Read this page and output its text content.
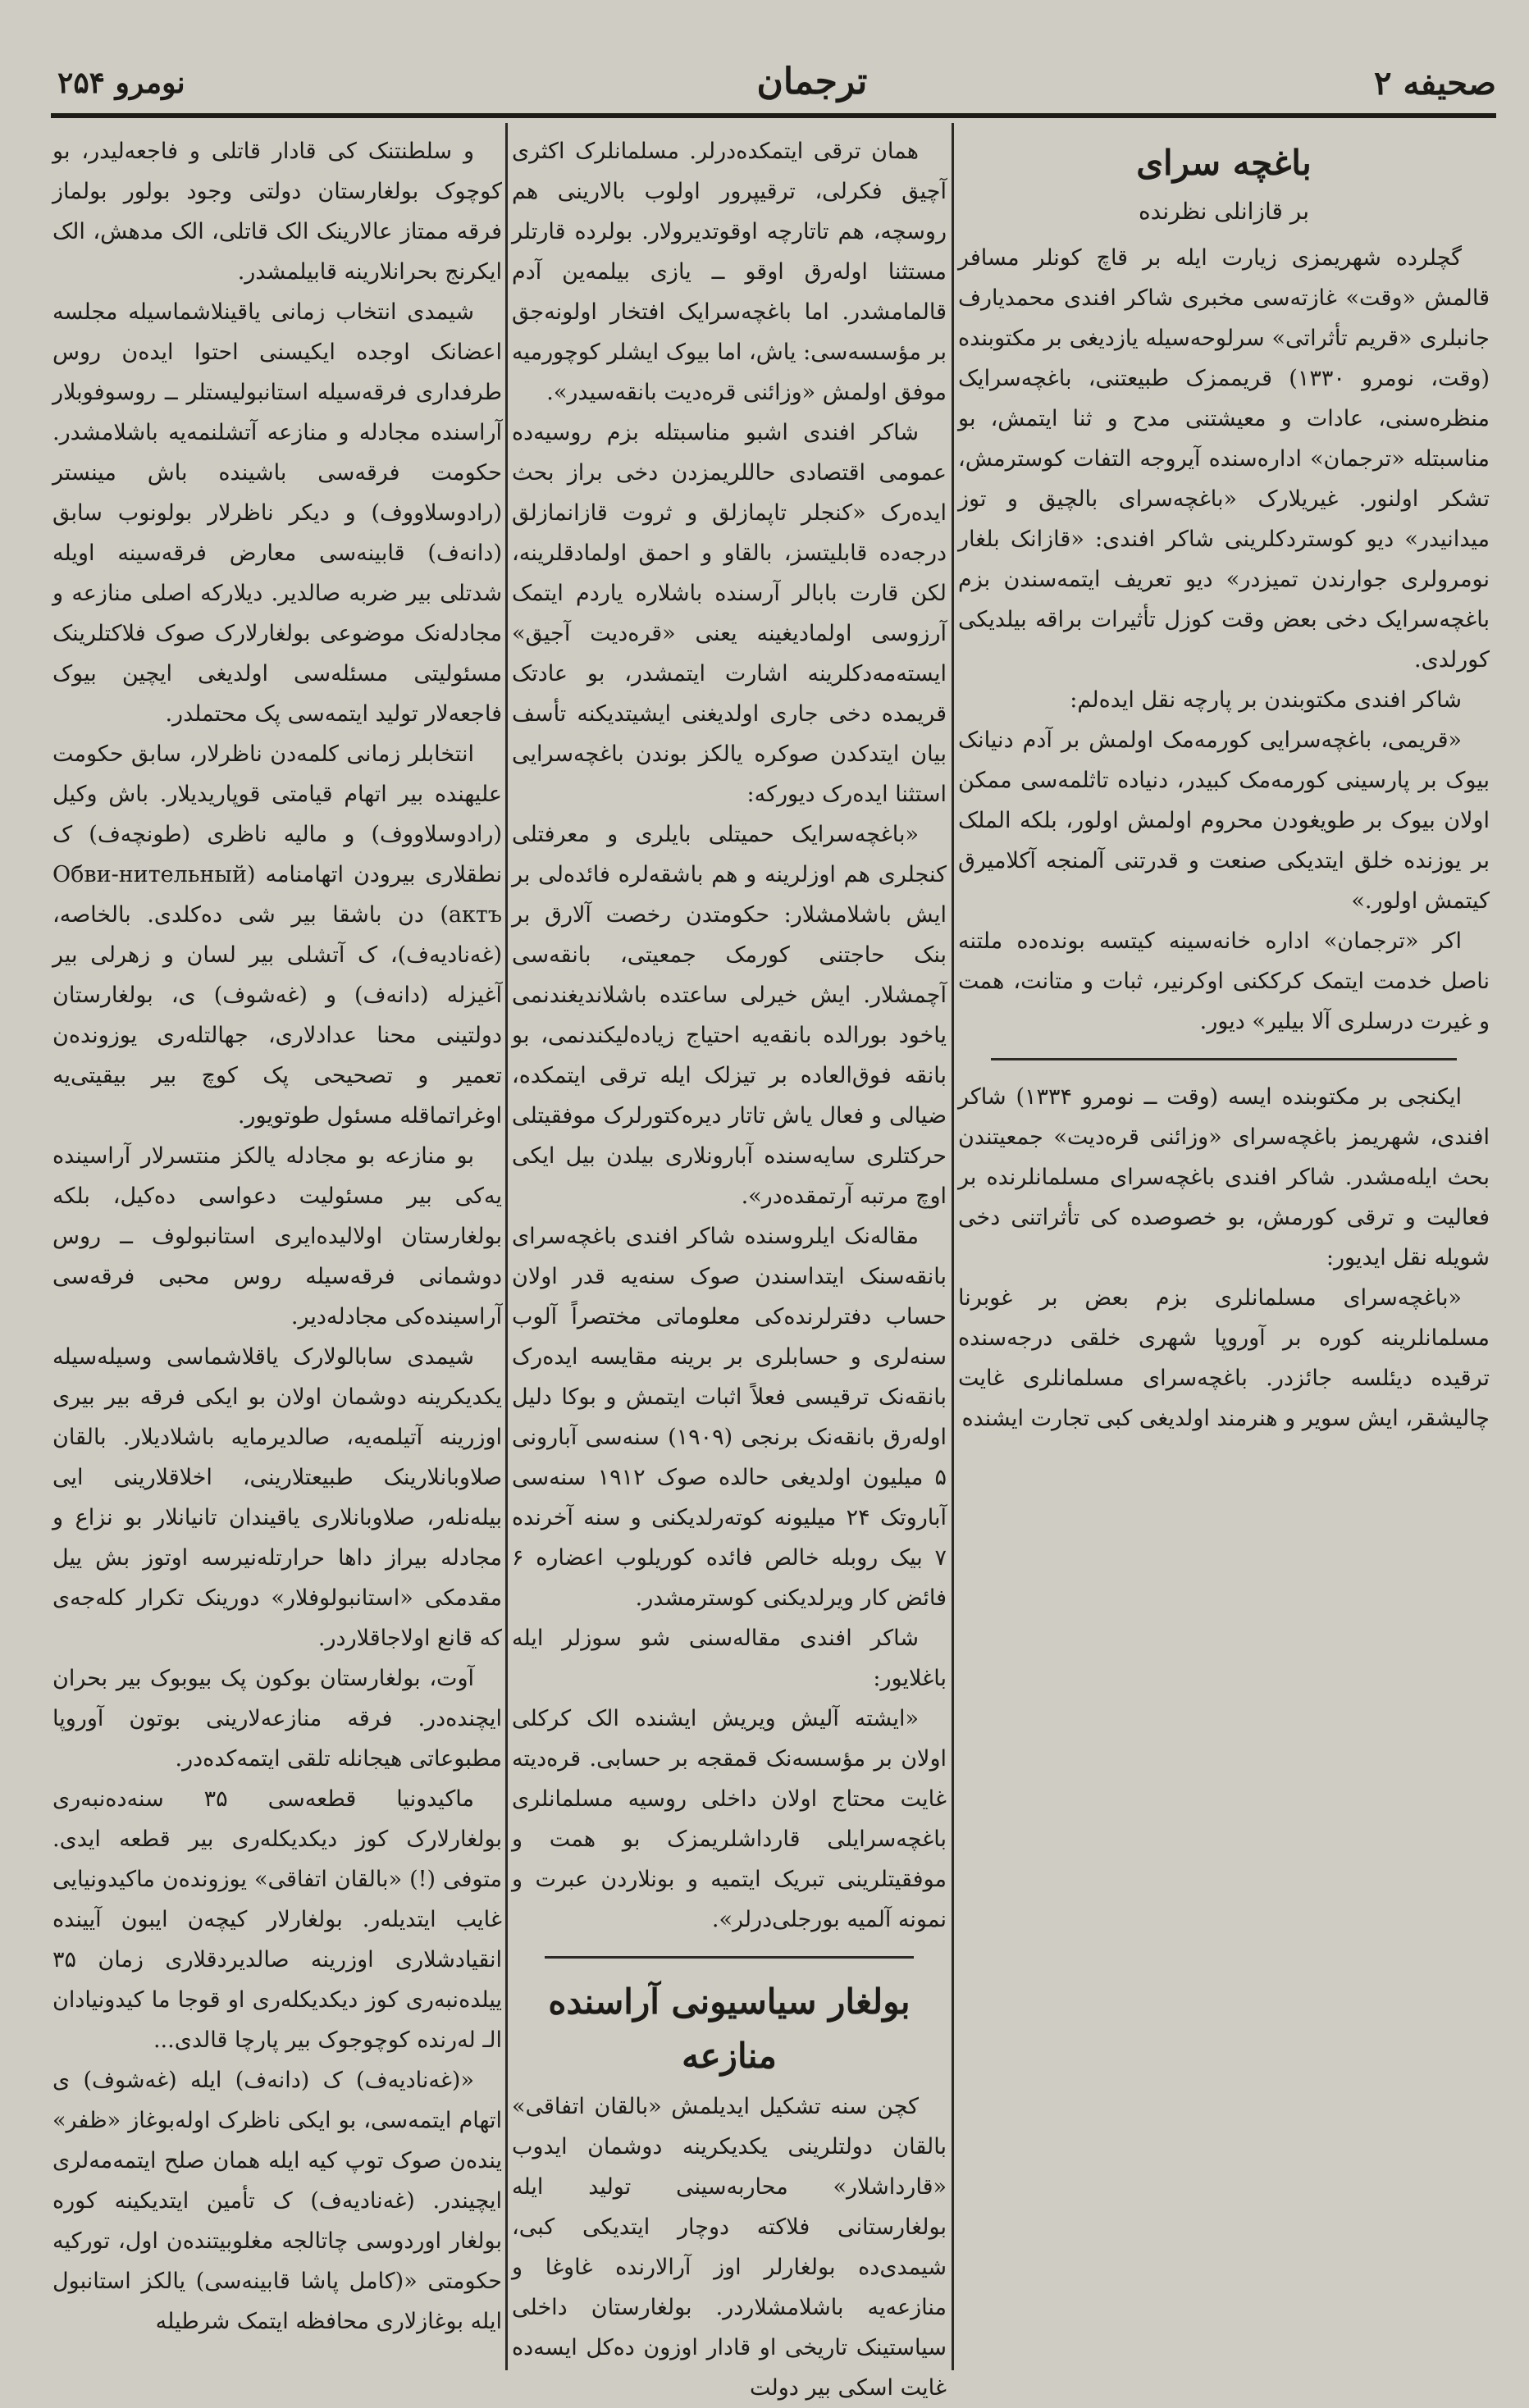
صحیفه ۲
ترجمان
نومرو ۲۵۴
باغچه سرای
بر قازانلی نظرنده

گچلرده شهریمزی زیارت ایله بر قاچ کونلر مسافر قالمش «وقت» غازته‌سی مخبری شاکر افندی محمدیارف جانبلری «قریم تأثراتی» سرلوحه‌سیله یازدیغی بر مکتوبنده (وقت، نومرو ۱۳۳۰) قریممزک طبیعتنی، باغچه‌سرایک منظره‌سنی، عادات و معیشتنی مدح و ثنا ایتمش، بو مناسبتله «ترجمان» اداره‌سنده آیروجه التفات کوسترمش، تشکر اولنور. غیریلارک «باغچه‌سرای بالچیق و توز میدانیدر» دیو کوستردکلرینی شاکر افندی: «قازانک بلغار نومرولری جوارندن تمیزدر» دیو تعریف ایتمه‌سندن بزم باغچه‌سرایک دخی بعض وقت کوزل تأثیرات براقه بیلدیکی کورلدی.

شاکر افندی مکتوبندن بر پارچه نقل ایدەلم:

«قریمی، باغچه‌سرایی کورمه‌مک اولمش بر آدم دنیانک بیوک بر پارسینی کورمه‌مک کبیدر، دنیاده تاثلمه‌سی ممکن اولان بیوک بر طویغودن محروم اولمش اولور، بلکه الملک بر یوزنده خلق ایتدیکی صنعت و قدرتنی آلمنجه آکلامیرق کیتمش اولور.»

اکر «ترجمان» اداره خانه‌سینه کیتسه بوندەده ملتنه ناصل خدمت ایتمک کرککنی اوکرنیر، ثبات و متانت، همت و غیرت درسلری آلا بیلیر» دیور.

ایکنجی بر مکتوبنده ایسه (وقت ــ نومرو ۱۳۳۴) شاکر افندی، شهریمز باغچه‌سرای «وزائنی قره‌دیت» جمعیتندن بحث ایله‌مشدر. شاکر افندی باغچه‌سرای مسلمانلرنده بر فعالیت و ترقی کورمش، بو خصوصده کی تأثراتنی دخی شویله نقل ایدیور:

«باغچه‌سرای مسلمانلری بزم بعض بر غوبرنا مسلمانلرینه کوره بر آوروپا شهری خلقی درجه‌سنده ترقیده دیئلسه جائزدر. باغچه‌سرای مسلمانلری غایت چالیشقر، ایش سویر و هنرمند اولدیغی کبی تجارت ایشنده

همان ترقی ایتمکده‌درلر. مسلمانلرک اکثری آچیق فکرلی، ترقیپرور اولوب بالارینی هم روسچه، هم تاتارچه اوقوتدیرولار. بولرده قارتلر مستثنا اولەرق اوقو ــ یازی بیلمه‌ین آدم قالمامشدر. اما باغچه‌سرایک افتخار اولونەجق بر مؤسسه‌سی: یاش، اما بیوک ایشلر کوچورمیه موفق اولمش «وزائنی قره‌دیت بانقه‌سیدر».

شاکر افندی اشبو مناسبتله بزم روسیه‌ده عمومی اقتصادی حاللریمزدن دخی براز بحث ایدەرک «کنجلر تاپمازلق و ثروت قازانمازلق درجه‌ده قابلیتسز، بالقاو و احمق اولمادقلرینه، لکن قارت بابالر آرسنده باشلاره یاردم ایتمک آرزوسی اولمادیغینه یعنی «قره‌دیت آجیق» ایسته‌مه‌دکلرینه اشارت ایتمشدر، بو عادتک قریمده دخی جاری اولدیغنی ایشیتدیکنه تأسف بیان ایتدکدن صوکره یالکز بوندن باغچه‌سرایی استثنا ایدەرک دیورکه:

«باغچه‌سرایک حمیتلی بایلری و معرفتلی کنجلری هم اوزلرینه و هم باشقه‌لره فائدەلی بر ایش باشلامشلار: حکومتدن رخصت آلارق بر بنک حاجتنی کورمک جمعیتی، بانقه‌سی آچمشلار. ایش خیرلی ساعتده باشلاندیغندنمی یاخود بورالده بانقه‌یه احتیاج زیاده‌لیکندنمی، بو بانقه فوق‌العاده بر تیزلک ایله ترقی ایتمکده، ضیالی و فعال یاش تاتار دیره‌کتورلرک موفقیتلی حرکتلری سایه‌سنده آبارونلاری بیلدن بیل ایکی اوچ مرتبه آرتمقده‌در».

مقاله‌نک ایلروسنده شاکر افندی باغچه‌سرای بانقه‌سنک ایتداسندن صوک سنه‌یه قدر اولان حساب دفترلرنده‌کی معلوماتی مختصراً آلوب سنه‌لری و حسابلری بر برینه مقایسه ایدەرک بانقه‌نک ترقیسی فعلاً اثبات ایتمش و بوکا دلیل اولەرق بانقه‌نک برنجی (۱۹۰۹) سنه‌سی آبارونی ۵ میلیون اولدیغی حالده صوک ۱۹۱۲ سنه‌سی آبار‌وتک ۲۴ میلیونه کوتەرلدیکنی و سنه آخرنده ۷ بیک روبله خالص فائده کوریلوب اعضاره ۶ فائض کار ویرلدیکنی کوسترمشدر.

شاکر افندی مقاله‌سنی شو سوزلر ایله باغلایور:

«ایشته آلیش ویریش ایشنده الک کرکلی اولان بر مؤسسه‌نک قمقجه بر حسابی. قره‌دیته غایت محتاج اولان داخلی روسیه مسلمانلری باغچه‌سرایلی قارداشلریمزک بو همت و موفقیتلرینی تبریک ایتمیه و بونلاردن عبرت و نمونه آلمیه بورجلی‌درلر».

بولغار سیاسیونی آراسنده منازعه

کچن سنه تشکیل ایدیلمش «بالقان اتفاقی» بالقان دولتلرینی یکدیکرینه دوشمان ایدوب «قارداشلار» محاربه‌سینی تولید ایله بولغارستانی فلاکته دوچار ایتدیکی کبی، شیمدی‌ده بولغارلر اوز آرالارنده غاوغا و منازعه‌یه باشلامشلاردر. بولغارستان داخلی سیاستینک تاریخی او قادار اوزون دەکل ایسەده غایت اسکی بیر دولت

و سلطنتنک کی قادار قاتلی و فاجعه‌لیدر، بو کوچوک بولغارستان دولتی وجود بولور بولماز فرقه ممتاز عالارینک الک قاتلی، الک مدهش، الک ایکرنج بحرانلارینه قابیلمشدر.

شیمدی انتخاب زمانی یاقینلاشماسیله مجلسه اعضانک اوجده ایکیسنی احتوا ایدەن روس طرفداری فرقه‌سیله استانبولیستلر ــ روسوفوبلار آراسنده مجادله و منازعه آتشلنمه‌یه باشلامشدر. حکومت فرقه‌سی باشینده باش مینستر (رادوسلاووف) و دیکر ناظرلار بولونوب سابق (دانەف) قابینه‌سی معارض فرقه‌سینه اویله شدتلی بیر ضربه صالدیر. دیلارکه اصلی منازعه و مجادله‌نک موضوعی بولغارلارک صوک فلاکتلرینک مسئولیتی مسئله‌سی اولدیغی ایچین بیوک فاجعه‌لار تولید ایتمه‌سی پک محتملدر.

انتخابلر زمانی کلمه‌دن ناظرلار، سابق حکومت علیهنده بیر اتهام قیامتی قوپاریدیلار. باش وکیل (رادوسلاووف) و مالیه ناظری (طونچەف) ک نطقلاری بیرودن اتهامنامه (Обви-нительный актъ) دن باشقا بیر شی دەکلدی. بالخاصه، (غەنادیەف)، ک آتشلی بیر لسان و زهرلی بیر آغیزله (دانەف) و (غەشوف) ی، بولغارستان دولتینی محنا عدادلاری، جهالتلەری یوزوندەن تعمیر و تصحیحی پک کوچ بیر بیقیتی‌یه اوغراتماقله مسئول طوتویور.

بو منازعه بو مجادله یالکز منتسرلار آراسینده یه‌کی بیر مسئولیت دعواسی ده‌کیل، بلکه بولغارستان اولالیده‌ایری استانبولوف ــ روس دوشمانی فرقه‌سیله روس محبی فرقه‌سی آراسینده‌کی مجادله‌دیر.

شیمدی سابالولارک یاقلاشماسی وسیله‌سیله یکدیکرینه دوشمان اولان بو ایکی فرقه بیر بیری اوزرینه آتیلمه‌یه، صالدیرمایه باشلادیلار. بالقان صلاوبانلارینک طبیعتلارینی، اخلاقلارینی ایی بیله‌نلەر، صلاوبانلاری یاقیندان تانیانلار بو نزاع و مجادله بیراز داها حرارتله‌نیرسه اوتوز بش ییل مقدمکی «استانبولوفلار» دورینک تکرار کلەجه‌ی که قانع اولاجاقلاردر.

آوت، بولغارستان بوکون پک بیوبوک بیر بحران ایچنده‌در. فرقه منازعه‌لارینی بوتون آوروپا مطبوعاتی هیجانله تلقی ایتمه‌کده‌در.

ماکیدونیا قطعه‌سی ۳۵ سنه‌ده‌نبه‌ری بولغارلارک کوز دیکدیکلەری بیر قطعه ایدی. متوفی (!) «بالقان اتفاقی» یوزوندەن ماکیدونیایی غایب ایتدیلەر. بولغارلار کیچەن ایبون آیینده انقیادشلاری اوزرینه صالدیردقلاری زمان ۳۵ ییلدەنبه‌ری کوز دیکدیکلەری او قوجا ما کیدونیادان الـ لەرنده کوچوجوک بیر پارچا قالدی...

«(غەنادیەف) ک (دانەف) ایله (غەشوف) ی اتهام ایتمه‌سی، بو ایکی ناظرک اولەبوغاز «ظفر» یندەن صوک توپ کیه ایله همان صلح ایتمه‌مەلری ایچیندر. (غەنادیەف) ک تأمین ایتدیکینه کوره بولغار اوردوسی چاتالجه مغلوبیتندەن اول، تورکیه حکومتی «(کامل پاشا قابینه‌سی) یالکز استانبول ایله بوغازلاری محافظه ایتمک شرطیله
